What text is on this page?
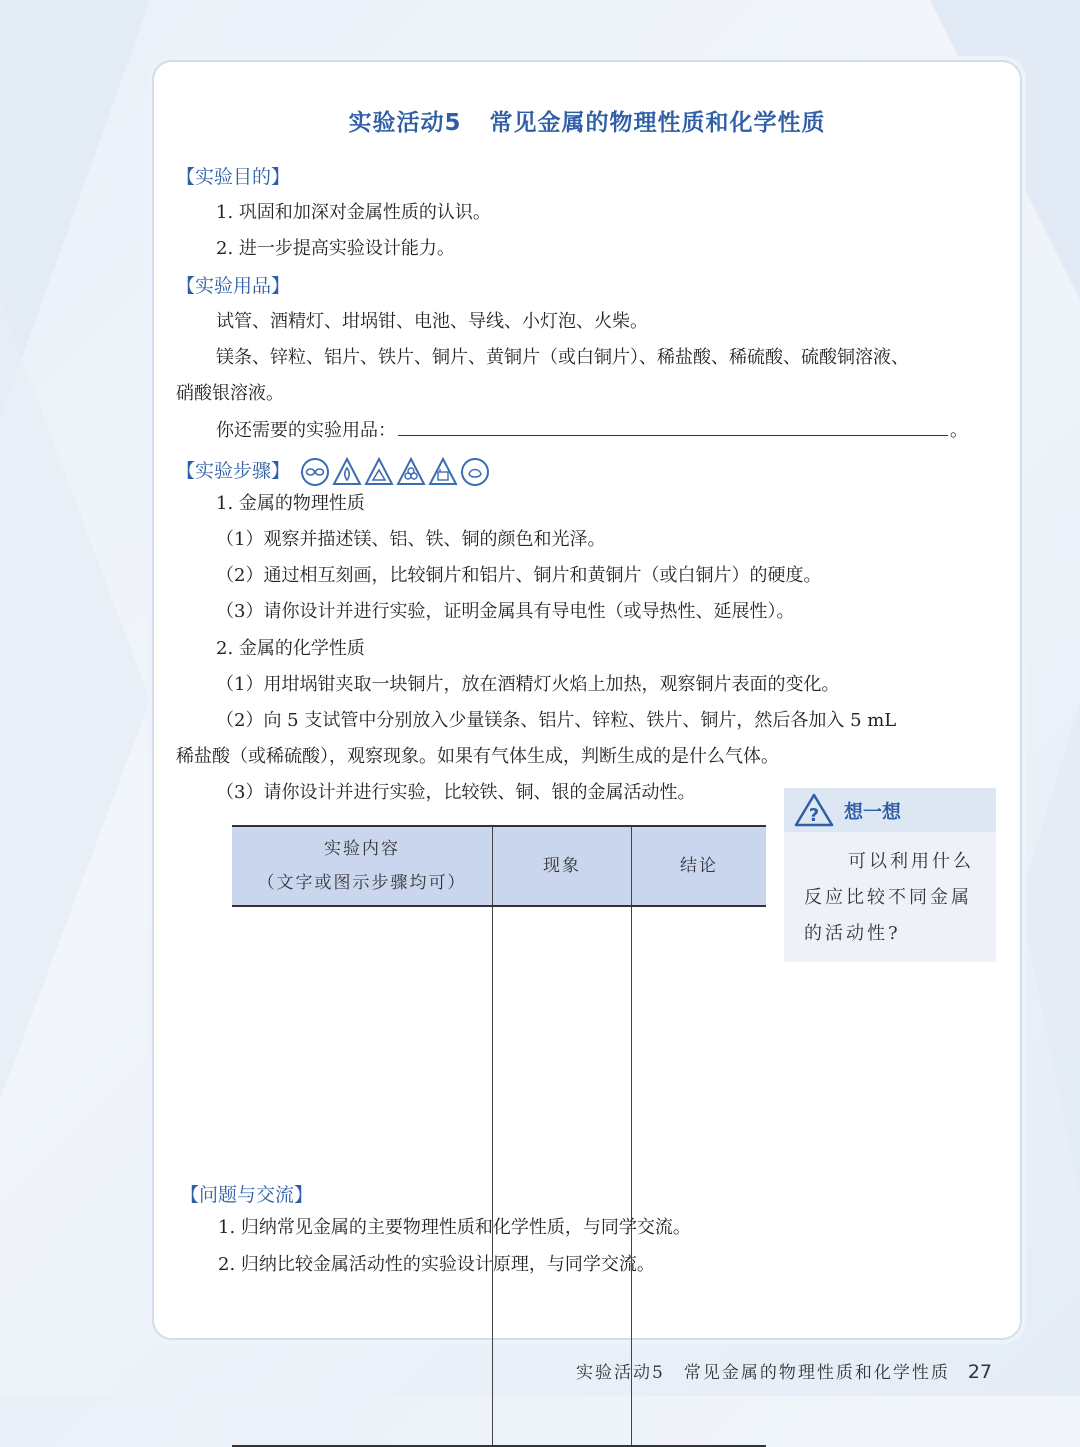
实验活动5 常见金属的物理性质和化学性质
【实验目的】
1. 巩固和加深对金属性质的认识。
2. 进一步提高实验设计能力。
【实验用品】
试管、酒精灯、坩埚钳、电池、导线、小灯泡、火柴。
镁条、锌粒、铝片、铁片、铜片、黄铜片（或白铜片）、稀盐酸、稀硫酸、硫酸铜溶液、
硝酸银溶液。
你还需要的实验用品：	。
【实验步骤】
1. 金属的物理性质
（1）观察并描述镁、铝、铁、铜的颜色和光泽。
（2）通过相互刻画，比较铜片和铝片、铜片和黄铜片（或白铜片）的硬度。
（3）请你设计并进行实验，证明金属具有导电性（或导热性、延展性）。
2. 金属的化学性质
（1）用坩埚钳夹取一块铜片，放在酒精灯火焰上加热，观察铜片表面的变化。
（2）向 5 支试管中分别放入少量镁条、铝片、锌粒、铁片、铜片，然后各加入 5 mL
稀盐酸（或稀硫酸），观察现象。如果有气体生成，判断生成的是什么气体。
（3）请你设计并进行实验，比较铁、铜、银的金属活动性。
实验内容
（文字或图示步骤均可）	现象	结论

? 想一想
可以利用什么
反应比较不同金属
的活动性?
【问题与交流】
1. 归纳常见金属的主要物理性质和化学性质，与同学交流。
2. 归纳比较金属活动性的实验设计原理，与同学交流。
实验活动5　常见金属的物理性质和化学性质 27
